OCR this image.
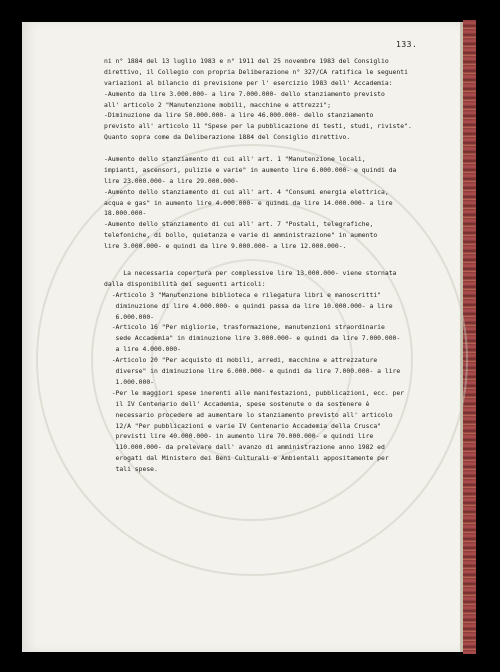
133.
ni n° 1884 del 13 luglio 1983 e n° 1911 del 25 novembre 1983 del Consiglio
direttivo, il Collegio con propria Deliberazione n° 327/CA ratifica le seguenti
variazioni al bilancio di previsione per l' esercizio 1983 dell' Accademia:
-Aumento da lire 3.000.000- a lire 7.000.000- dello stanziamento previsto
all' articolo 2 "Manutenzione mobili, macchine e attrezzi";
-Diminuzione da lire 50.000.000- a lire 46.000.000- dello stanziamento
previsto all' articolo 11 "Spese per la pubblicazione di testi, studi, riviste".
Quanto sopra come da Deliberazione 1884 del Consiglio direttivo.
-Aumento dello stanziamento di cui all' art. 1 "Manutenzione locali,
impianti, ascensori, pulizie e varie" in aumento lire 6.000.000- e quindi da
lire 23.000.000- a lire 29.000.000-
-Aumento dello stanziamento di cui all' art. 4 "Consumi energia elettrica,
acqua e gas" in aumento lire 4.000.000- e quindi da lire 14.000.000- a lire
18.000.000-
-Aumento dello stanziamento di cui all' art. 7 "Postali, telegrafiche,
telefoniche, di bollo, quietanza e varie di amministrazione" in aumento
lire 3.000.000- e quindi da lire 9.000.000- a lire 12.000.000-.
La necessaria copertura per complessive lire 13.000.000- viene stornata
dalla disponibilità dei seguenti articoli:
-Articolo 3 "Manutenzione biblioteca e rilegatura libri e manoscritti"
diminuzione di lire 4.000.000- e quindi passa da lire 10.000.000- a lire
6.000.000-
-Articolo 16 "Per migliorie, trasformazione, manutenzioni straordinarie
sede Accademia" in diminuzione lire 3.000.000- e quindi da lire 7.000.000-
a lire 4.000.000-
-Articolo 20 "Per acquisto di mobili, arredi, macchine e attrezzature
diverse" in diminuzione lire 6.000.000- e quindi da lire 7.000.000- a lire
1.000.000-
-Per le maggiori spese inerenti alle manifestazioni, pubblicazioni, ecc. per
il IV Centenario dell' Accademia, spese sostenute o da sostenere è
necessario procedere ad aumentare lo stanziamento previsto all' articolo
12/A "Per pubblicazioni e varie IV Centenario Accademia della Crusca"
previsti lire 40.000.000- in aumento lire 70.000.000- e quindi lire
110.000.000- da prelevare dall' avanzo di amministrazione anno 1982 ed
erogati dal Ministero dei Beni Culturali e Ambientali appositamente per
tali spese.
